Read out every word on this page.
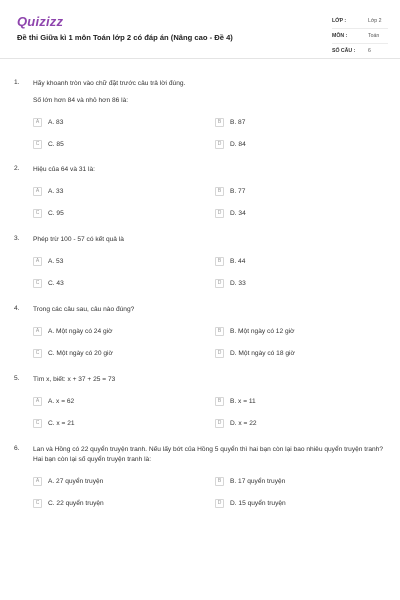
Quizizz
Đề thi Giữa kì 1 môn Toán lớp 2 có đáp án (Nâng cao - Đề 4)
LỚP :	Lớp 2
MÔN :	Toán
SỐ CÂU :	6
1. Hãy khoanh tròn vào chữ đặt trước câu trả lời đúng.
Số lớn hơn 84 và nhỏ hơn 86 là:
A	A. 83	B	B. 87
C	C. 85	D	D. 84
2. Hiệu của 64 và 31 là:
A	A. 33	B	B. 77
C	C. 95	D	D. 34
3. Phép trừ 100 - 57 có kết quả là
A	A. 53	B	B. 44
C	C. 43	D	D. 33
4. Trong các câu sau, câu nào đúng?
A	A. Một ngày có 24 giờ	B	B. Một ngày có 12 giờ
C	C. Một ngày có 20 giờ	D	D. Một ngày có 18 giờ
5. Tìm x, biết: x + 37 + 25 = 73
A	A. x = 62	B	B. x = 11
C	C. x = 21	D	D. x = 22
6. Lan và Hồng có 22 quyển truyện tranh. Nếu lấy bớt của Hồng 5 quyển thì hai bạn còn lại bao nhiêu quyển truyện tranh? Hai bạn còn lại số quyển truyện tranh là:
A	A. 27 quyển truyện	B	B. 17 quyển truyện
C	C. 22 quyển truyện	D	D. 15 quyển truyện
